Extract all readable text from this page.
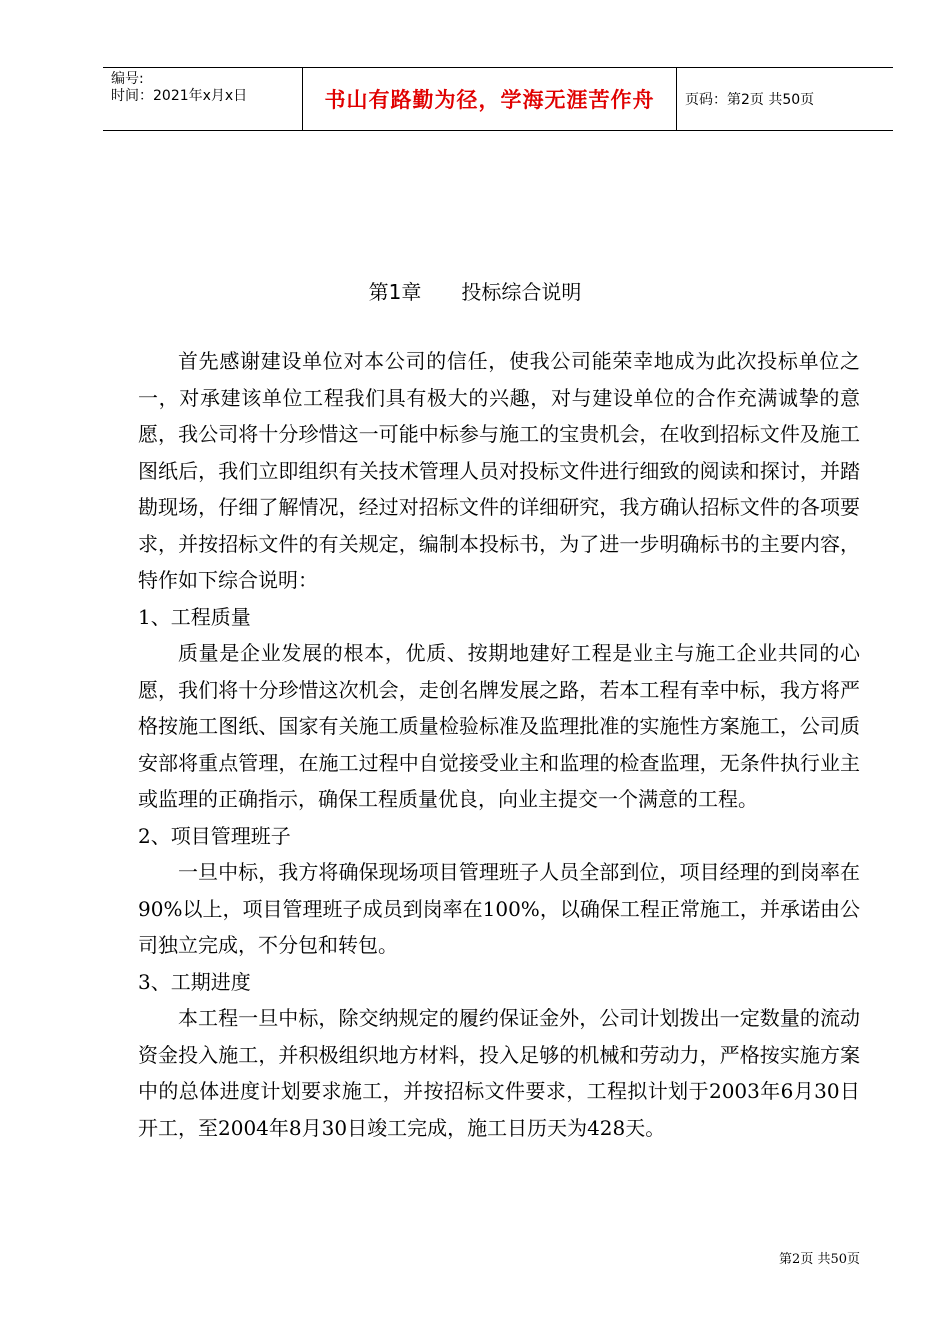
编号:
时间：2021年x月x日	书山有路勤为径，学海无涯苦作舟	页码：第2页 共50页
第1章　　投标综合说明

首先感谢建设单位对本公司的信任，使我公司能荣幸地成为此次投标单位之一，对承建该单位工程我们具有极大的兴趣，对与建设单位的合作充满诚挚的意愿，我公司将十分珍惜这一可能中标参与施工的宝贵机会，在收到招标文件及施工图纸后，我们立即组织有关技术管理人员对投标文件进行细致的阅读和探讨，并踏勘现场，仔细了解情况，经过对招标文件的详细研究，我方确认招标文件的各项要求，并按招标文件的有关规定，编制本投标书，为了进一步明确标书的主要内容，特作如下综合说明：

1、工程质量

质量是企业发展的根本，优质、按期地建好工程是业主与施工企业共同的心愿，我们将十分珍惜这次机会，走创名牌发展之路，若本工程有幸中标，我方将严格按施工图纸、国家有关施工质量检验标准及监理批准的实施性方案施工，公司质安部将重点管理，在施工过程中自觉接受业主和监理的检查监理，无条件执行业主或监理的正确指示，确保工程质量优良，向业主提交一个满意的工程。

2、项目管理班子

一旦中标，我方将确保现场项目管理班子人员全部到位，项目经理的到岗率在90%以上，项目管理班子成员到岗率在100%，以确保工程正常施工，并承诺由公司独立完成，不分包和转包。

3、工期进度

本工程一旦中标，除交纳规定的履约保证金外，公司计划拨出一定数量的流动资金投入施工，并积极组织地方材料，投入足够的机械和劳动力，严格按实施方案中的总体进度计划要求施工，并按招标文件要求，工程拟计划于2003年6月30日开工，至2004年8月30日竣工完成，施工日历天为428天。

第2页 共50页
